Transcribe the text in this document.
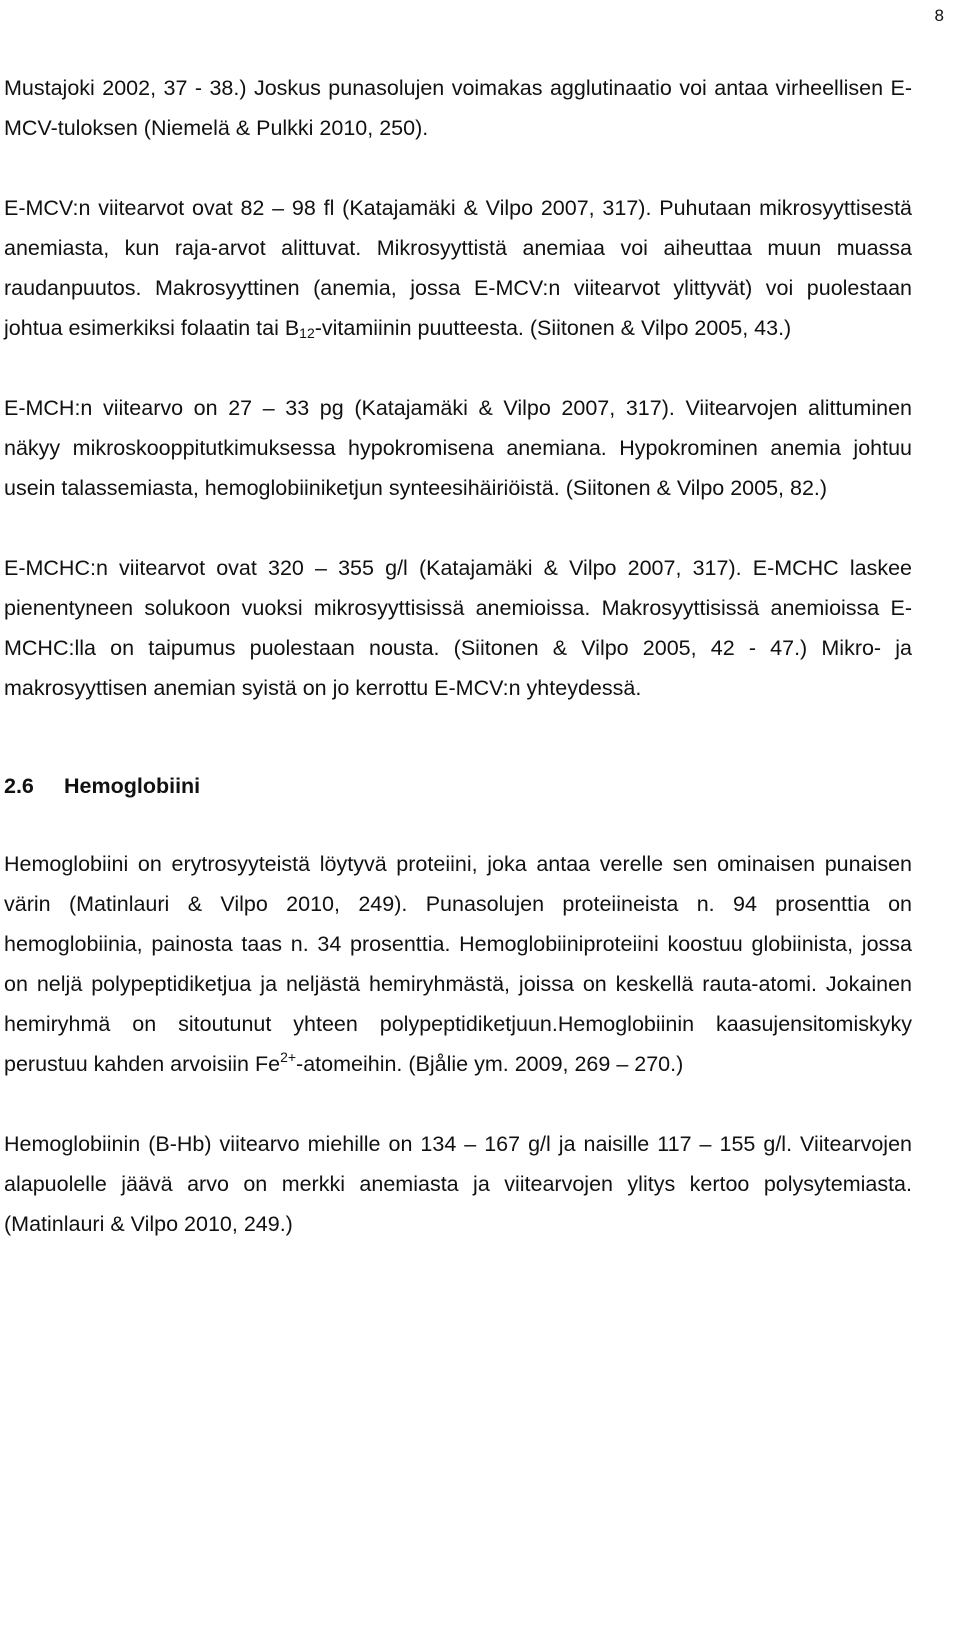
8

Mustajoki 2002, 37 - 38.) Joskus punasolujen voimakas agglutinaatio voi antaa virheellisen E-MCV-tuloksen (Niemelä & Pulkki 2010, 250).

E-MCV:n viitearvot ovat 82 – 98 fl (Katajamäki & Vilpo 2007, 317). Puhutaan mikrosyyttisestä anemiasta, kun raja-arvot alittuvat. Mikrosyyttistä anemiaa voi aiheuttaa muun muassa raudanpuutos. Makrosyyttinen (anemia, jossa E-MCV:n viitearvot ylittyvät) voi puolestaan johtua esimerkiksi folaatin tai $B_{12}$-vitamiinin puutteesta. (Siitonen & Vilpo 2005, 43.)

E-MCH:n viitearvo on 27 – 33 pg (Katajamäki & Vilpo 2007, 317). Viitearvojen alittuminen näkyy mikroskooppitutkimuksessa hypokromisena anemiana. Hypokrominen anemia johtuu usein talassemiasta, hemoglobiiniketjun synteesihäiriöistä. (Siitonen & Vilpo 2005, 82.)

E-MCHC:n viitearvot ovat 320 – 355 g/l (Katajamäki & Vilpo 2007, 317). E-MCHC laskee pienentyneen solukoon vuoksi mikrosyyttisissä anemioissa. Makrosyyttisissä anemioissa E-MCHC:lla on taipumus puolestaan nousta. (Siitonen & Vilpo 2005, 42 - 47.) Mikro- ja makrosyyttisen anemian syistä on jo kerrottu E-MCV:n yhteydessä.

2.6 Hemoglobiini

Hemoglobiini on erytrosyyteistä löytyvä proteiini, joka antaa verelle sen ominaisen punaisen värin (Matinlauri & Vilpo 2010, 249). Punasolujen proteiineista n. 94 prosenttia on hemoglobiinia, painosta taas n. 34 prosenttia. Hemoglobiiniproteiini koostuu globiinista, jossa on neljä polypeptidiketjua ja neljästä hemiryhmästä, joissa on keskellä rauta-atomi. Jokainen hemiryhmä on sitoutunut yhteen polypeptidiketjuun.Hemoglobiinin kaasujensitomiskyky perustuu kahden arvoisiin $Fe^{2+}$-atomeihin. (Bjålie ym. 2009, 269 – 270.)

Hemoglobiinin (B-Hb) viitearvo miehille on 134 – 167 g/l ja naisille 117 – 155 g/l. Viitearvojen alapuolelle jäävä arvo on merkki anemiasta ja viitearvojen ylitys kertoo polysytemiasta. (Matinlauri & Vilpo 2010, 249.)
